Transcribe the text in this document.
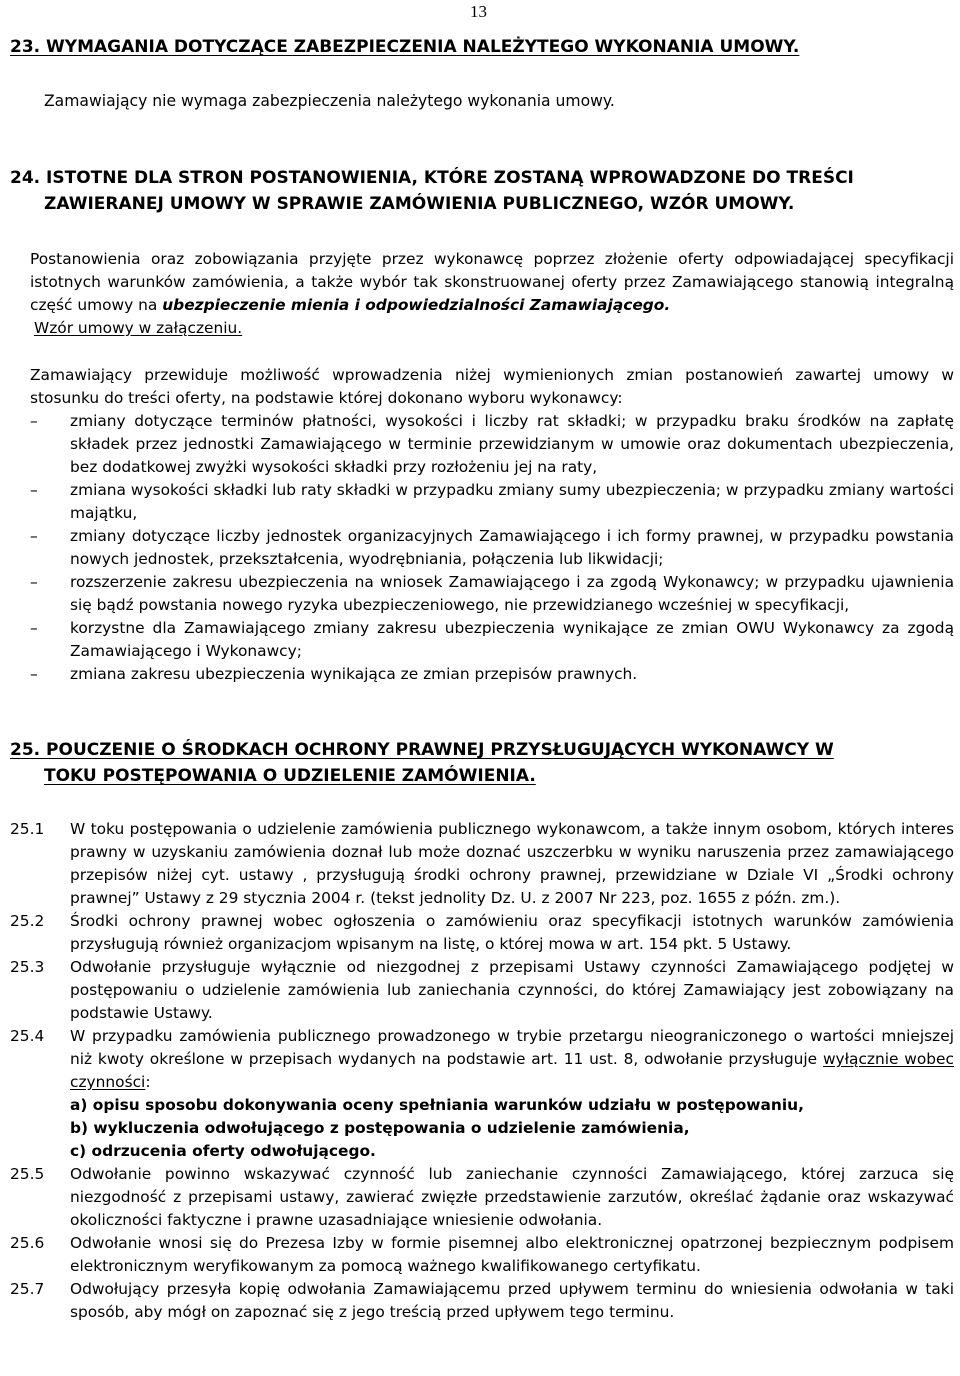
13
23. WYMAGANIA DOTYCZĄCE ZABEZPIECZENIA NALEŻYTEGO WYKONANIA UMOWY.
Zamawiający nie wymaga zabezpieczenia należytego wykonania umowy.
24. ISTOTNE DLA STRON POSTANOWIENIA, KTÓRE ZOSTANĄ WPROWADZONE DO TREŚCI
ZAWIERANEJ UMOWY W SPRAWIE ZAMÓWIENIA PUBLICZNEGO, WZÓR UMOWY.
Postanowienia oraz zobowiązania przyjęte przez wykonawcę poprzez złożenie oferty odpowiadającej specyfikacji istotnych warunków zamówienia, a także wybór tak skonstruowanej oferty przez Zamawiającego stanowią integralną część umowy na ubezpieczenie mienia i odpowiedzialności Zamawiającego.
Wzór umowy w załączeniu.
Zamawiający przewiduje możliwość wprowadzenia niżej wymienionych zmian postanowień zawartej umowy w stosunku do treści oferty, na podstawie której dokonano wyboru wykonawcy:
– zmiany dotyczące terminów płatności, wysokości i liczby rat składki; w przypadku braku środków na zapłatę składek przez jednostki Zamawiającego w terminie przewidzianym w umowie oraz dokumentach ubezpieczenia, bez dodatkowej zwyżki wysokości składki przy rozłożeniu jej na raty,
– zmiana wysokości składki lub raty składki w przypadku zmiany sumy ubezpieczenia; w przypadku zmiany wartości majątku,
– zmiany dotyczące liczby jednostek organizacyjnych Zamawiającego i ich formy prawnej, w przypadku powstania nowych jednostek, przekształcenia, wyodrębniania, połączenia lub likwidacji;
– rozszerzenie zakresu ubezpieczenia na wniosek Zamawiającego i za zgodą Wykonawcy; w przypadku ujawnienia się bądź powstania nowego ryzyka ubezpieczeniowego, nie przewidzianego wcześniej w specyfikacji,
– korzystne dla Zamawiającego zmiany zakresu ubezpieczenia wynikające ze zmian OWU Wykonawcy za zgodą Zamawiającego i Wykonawcy;
– zmiana zakresu ubezpieczenia wynikająca ze zmian przepisów prawnych.
25. POUCZENIE O ŚRODKACH OCHRONY PRAWNEJ PRZYSŁUGUJĄCYCH WYKONAWCY W
TOKU POSTĘPOWANIA O UDZIELENIE ZAMÓWIENIA.
25.1 W toku postępowania o udzielenie zamówienia publicznego wykonawcom, a także innym osobom, których interes prawny w uzyskaniu zamówienia doznał lub może doznać uszczerbku w wyniku naruszenia przez zamawiającego przepisów niżej cyt. ustawy , przysługują środki ochrony prawnej, przewidziane w Dziale VI „Środki ochrony prawnej” Ustawy z 29 stycznia 2004 r. (tekst jednolity Dz. U. z 2007 Nr 223, poz. 1655 z późn. zm.).
25.2 Środki ochrony prawnej wobec ogłoszenia o zamówieniu oraz specyfikacji istotnych warunków zamówienia przysługują również organizacjom wpisanym na listę, o której mowa w art. 154 pkt. 5 Ustawy.
25.3 Odwołanie przysługuje wyłącznie od niezgodnej z przepisami Ustawy czynności Zamawiającego podjętej w postępowaniu o udzielenie zamówienia lub zaniechania czynności, do której Zamawiający jest zobowiązany na podstawie Ustawy.
25.4 W przypadku zamówienia publicznego prowadzonego w trybie przetargu nieograniczonego o wartości mniejszej niż kwoty określone w przepisach wydanych na podstawie art. 11 ust. 8, odwołanie przysługuje wyłącznie wobec czynności:
a) opisu sposobu dokonywania oceny spełniania warunków udziału w postępowaniu,
b) wykluczenia odwołującego z postępowania o udzielenie zamówienia,
c) odrzucenia oferty odwołującego.
25.5 Odwołanie powinno wskazywać czynność lub zaniechanie czynności Zamawiającego, której zarzuca się niezgodność z przepisami ustawy, zawierać zwięzłe przedstawienie zarzutów, określać żądanie oraz wskazywać okoliczności faktyczne i prawne uzasadniające wniesienie odwołania.
25.6 Odwołanie wnosi się do Prezesa Izby w formie pisemnej albo elektronicznej opatrzonej bezpiecznym podpisem elektronicznym weryfikowanym za pomocą ważnego kwalifikowanego certyfikatu.
25.7 Odwołujący przesyła kopię odwołania Zamawiającemu przed upływem terminu do wniesienia odwołania w taki sposób, aby mógł on zapoznać się z jego treścią przed upływem tego terminu.
